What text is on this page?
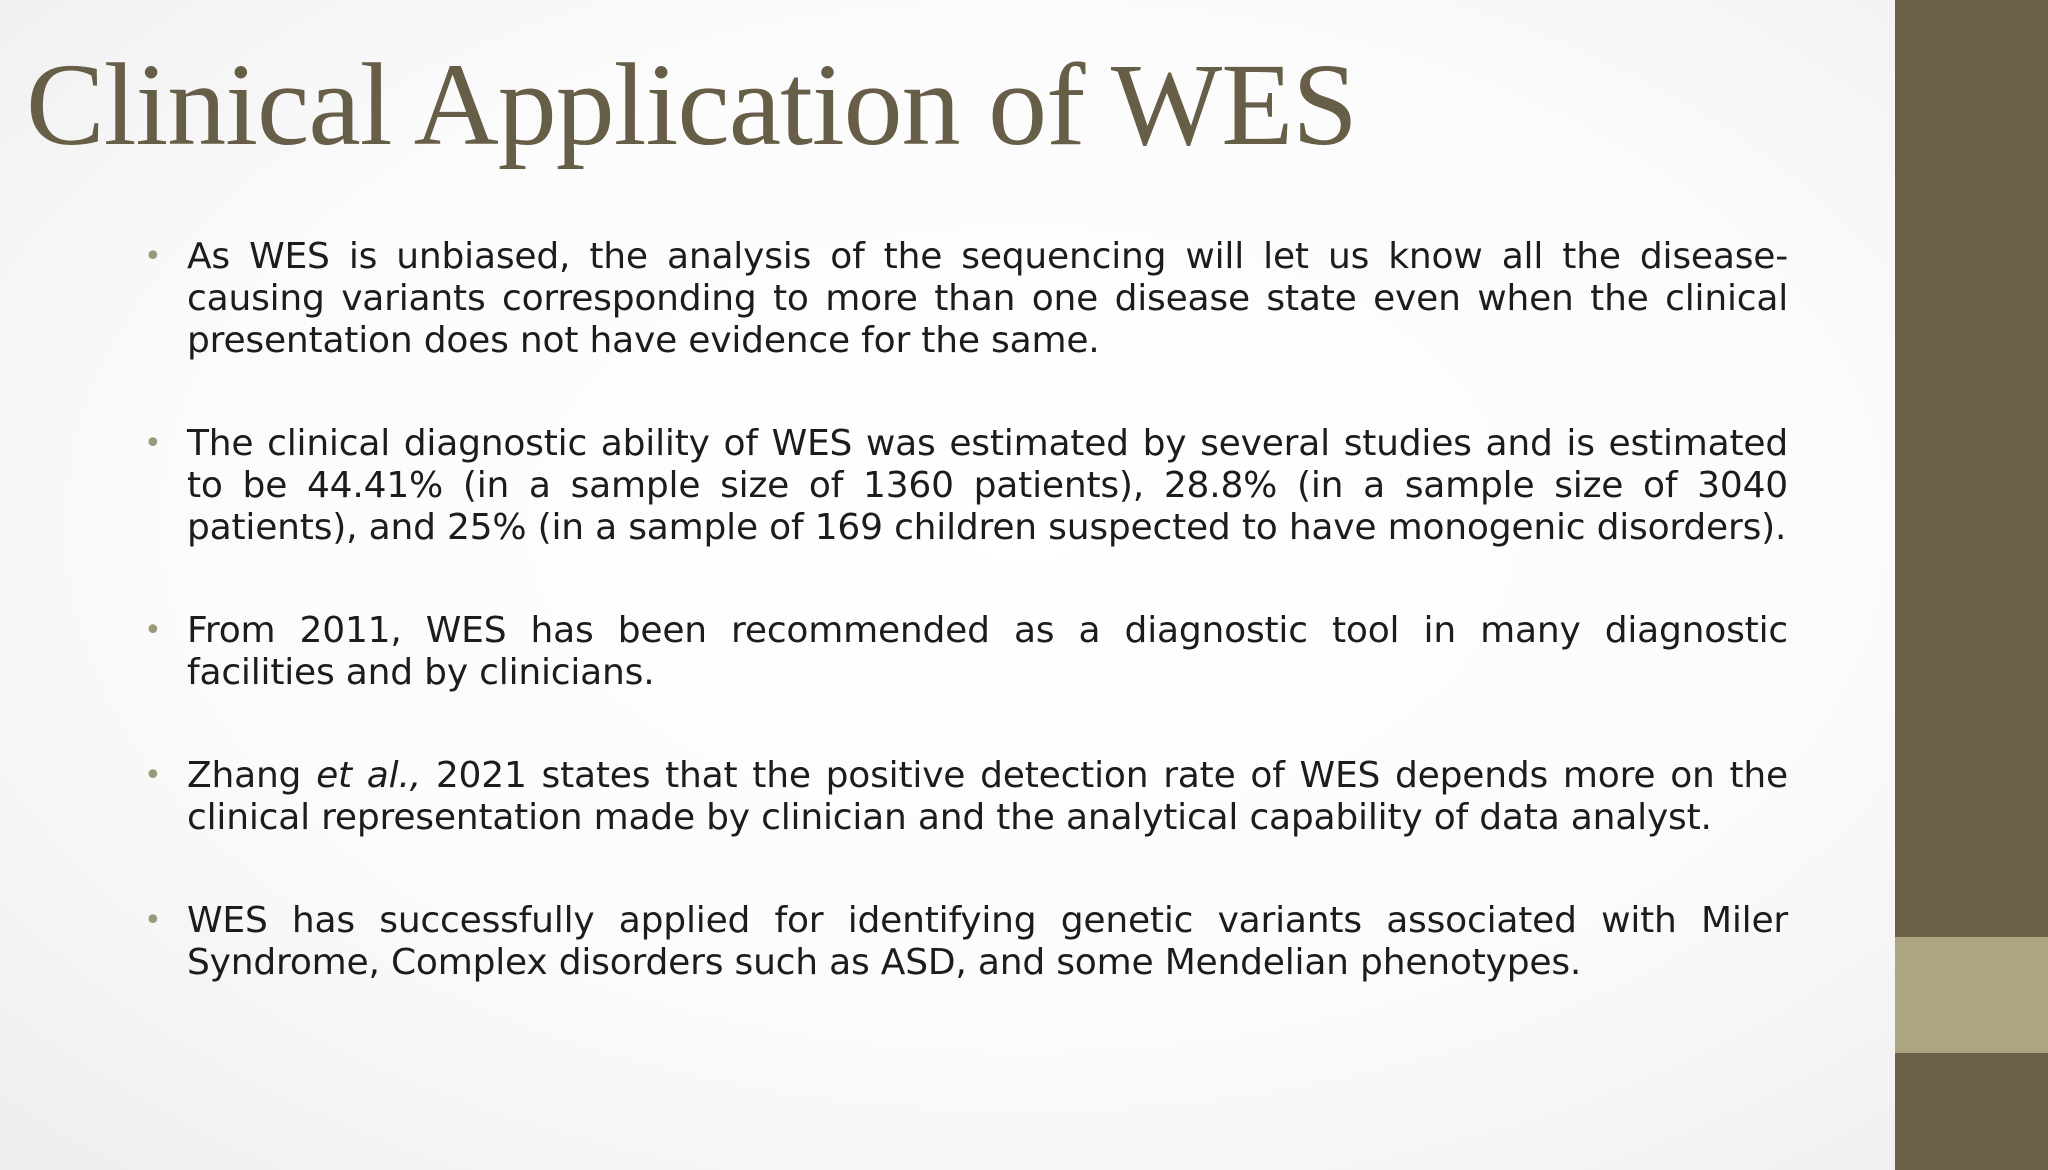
Clinical Application of WES
• As WES is unbiased, the analysis of the sequencing will let us know all the disease-causing variants corresponding to more than one disease state even when the clinical presentation does not have evidence for the same.
• The clinical diagnostic ability of WES was estimated by several studies and is estimated to be 44.41% (in a sample size of 1360 patients), 28.8% (in a sample size of 3040 patients), and 25% (in a sample of 169 children suspected to have monogenic disorders).
• From 2011, WES has been recommended as a diagnostic tool in many diagnostic facilities and by clinicians.
• Zhang et al., 2021 states that the positive detection rate of WES depends more on the clinical representation made by clinician and the analytical capability of data analyst.
• WES has successfully applied for identifying genetic variants associated with Miler Syndrome, Complex disorders such as ASD, and some Mendelian phenotypes.
